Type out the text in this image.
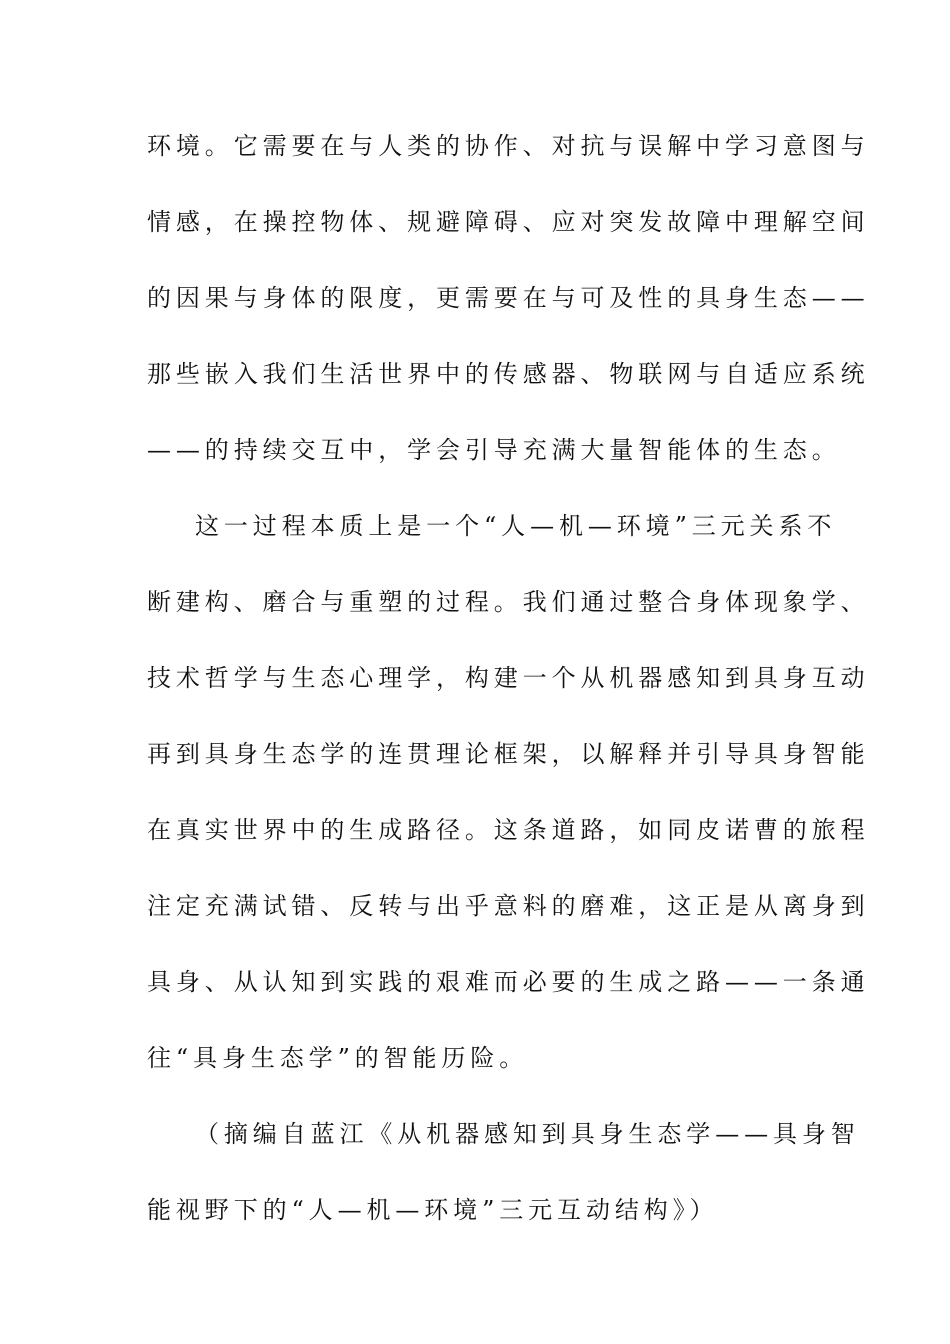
环境。它需要在与人类的协作、对抗与误解中学习意图与
情感，在操控物体、规避障碍、应对突发故障中理解空间
的因果与身体的限度，更需要在与可及性的具身生态——
那些嵌入我们生活世界中的传感器、物联网与自适应系统
——的持续交互中，学会引导充满大量智能体的生态。

这一过程本质上是一个“人—机—环境”三元关系不
断建构、磨合与重塑的过程。我们通过整合身体现象学、
技术哲学与生态心理学，构建一个从机器感知到具身互动
再到具身生态学的连贯理论框架，以解释并引导具身智能
在真实世界中的生成路径。这条道路，如同皮诺曹的旅程
注定充满试错、反转与出乎意料的磨难，这正是从离身到
具身、从认知到实践的艰难而必要的生成之路——一条通
往“具身生态学”的智能历险。

（摘编自蓝江《从机器感知到具身生态学——具身智
能视野下的“人—机—环境”三元互动结构》）
